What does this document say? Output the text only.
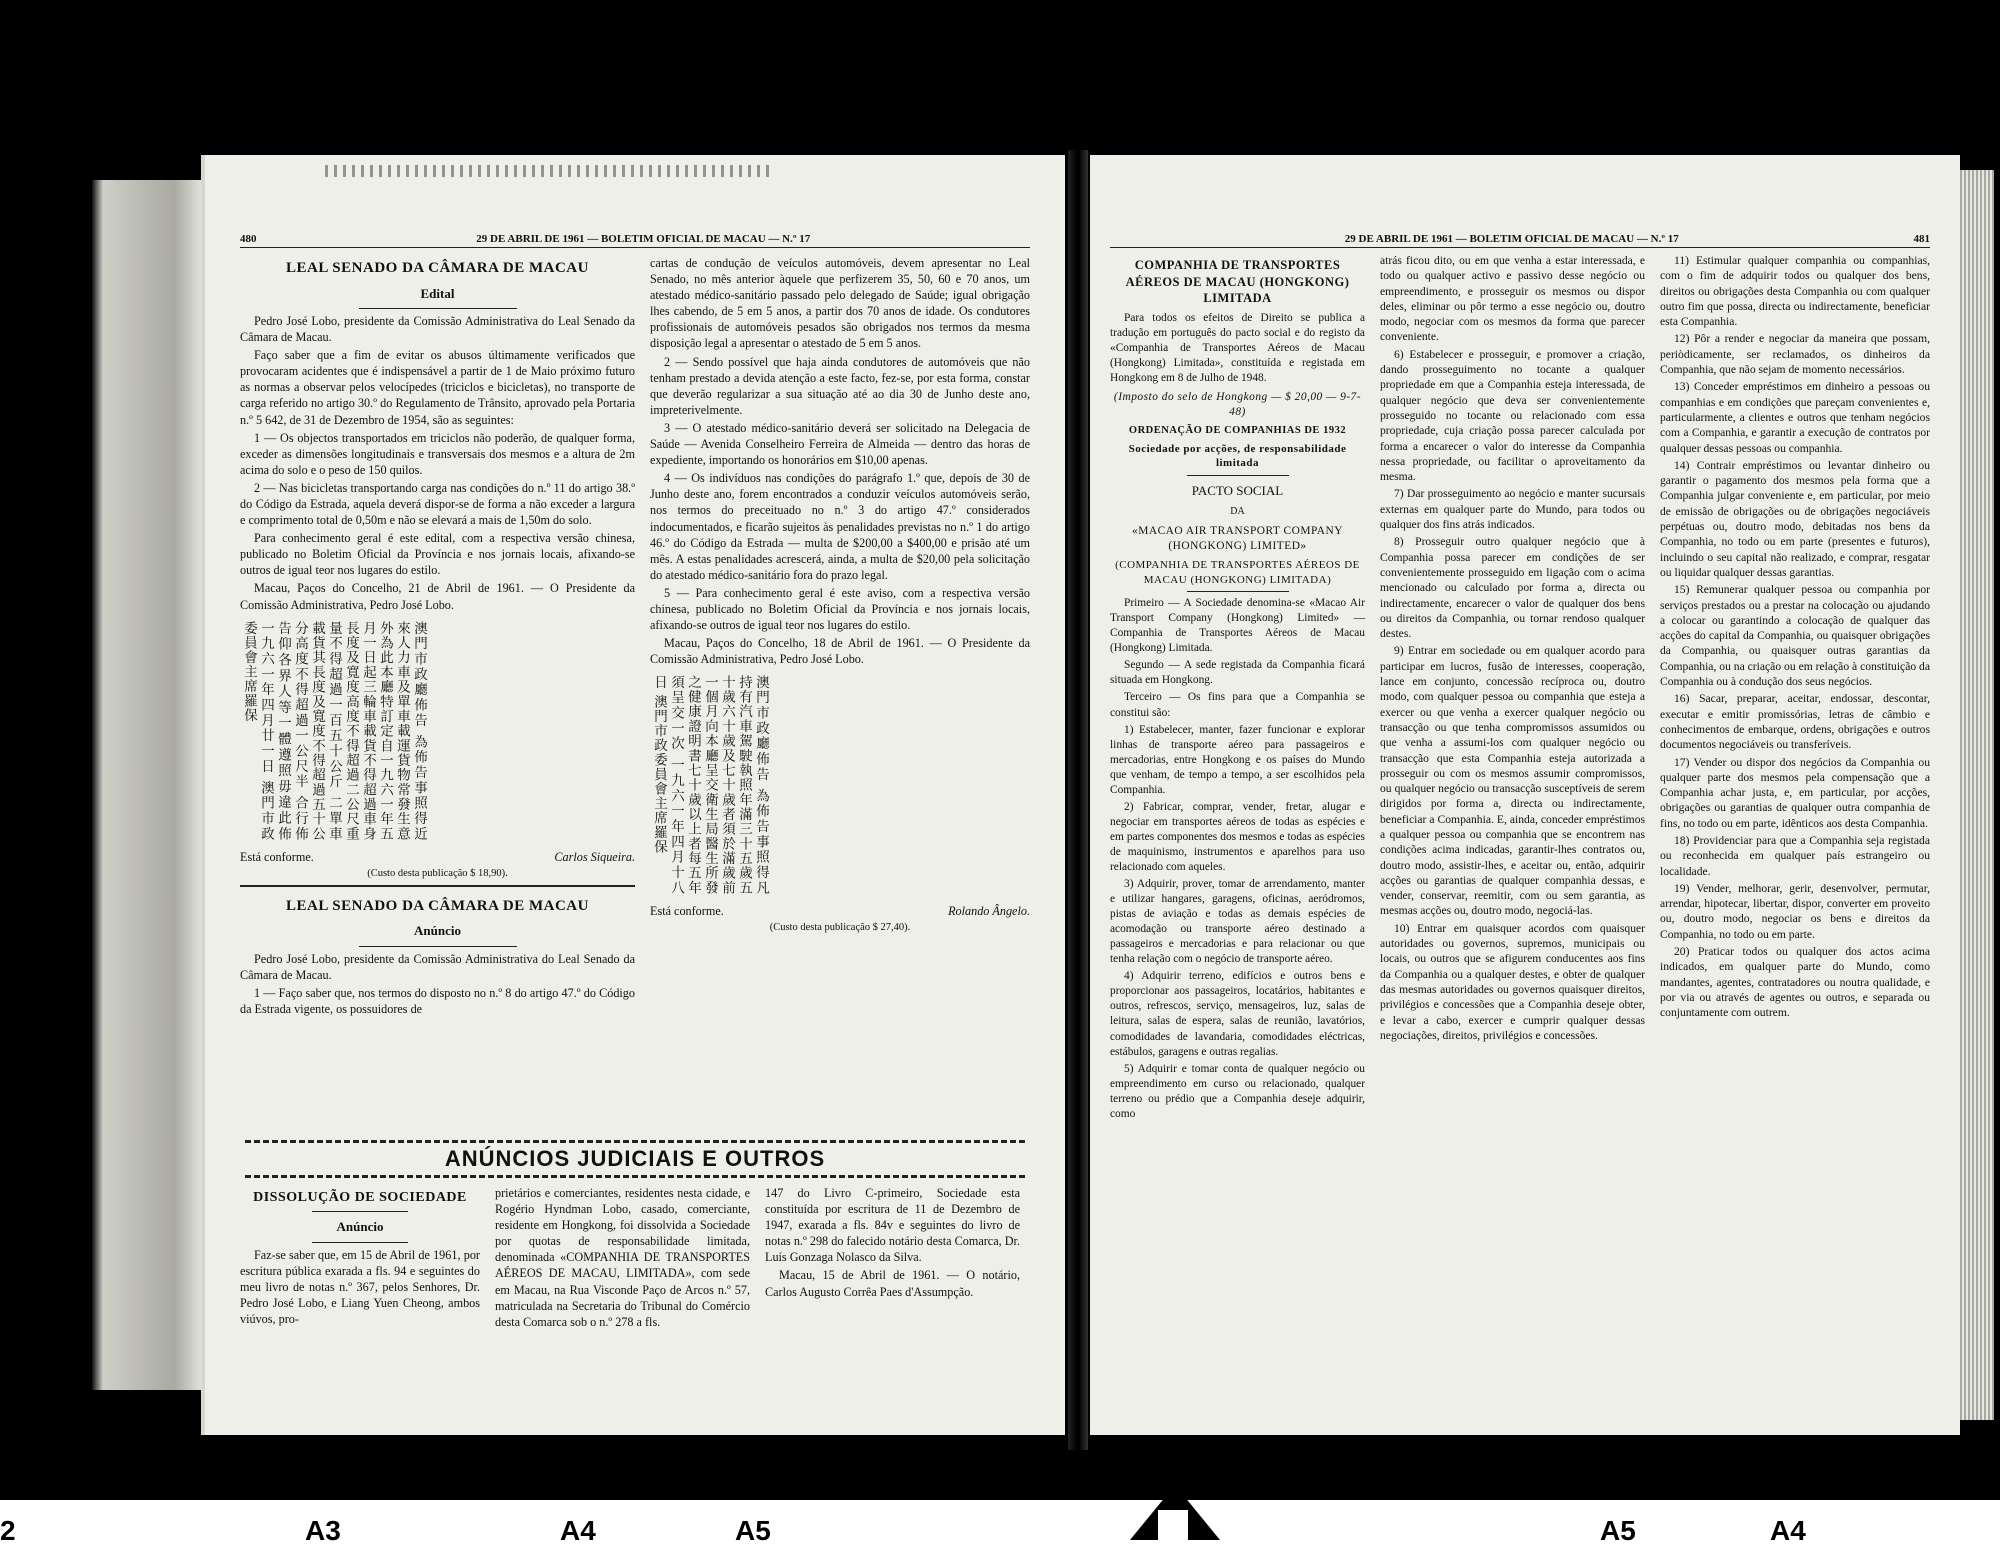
480	29 DE ABRIL DE 1961 — BOLETIM OFICIAL DE MACAU — N.º 17
LEAL SENADO DA CÂMARA DE MACAU
Edital

Pedro José Lobo, presidente da Comissão Administrativa do Leal Senado da Câmara de Macau.

Faço saber que a fim de evitar os abusos últimamente verificados que provocaram acidentes que é indispensável a partir de 1 de Maio próximo futuro as normas a observar pelos velocípedes (triciclos e bicicletas), no transporte de carga referido no artigo 30.º do Regulamento de Trânsito, aprovado pela Portaria n.º 5 642, de 31 de Dezembro de 1954, são as seguintes:

1 — Os objectos transportados em triciclos não poderão, de qualquer forma, exceder as dimensões longitudinais e transversais dos mesmos e a altura de 2m acima do solo e o peso de 150 quilos.

2 — Nas bicicletas transportando carga nas condições do n.º 11 do artigo 38.º do Código da Estrada, aquela deverá dispor-se de forma a não exceder a largura e comprimento total de 0,50m e não se elevará a mais de 1,50m do solo.

Para conhecimento geral é este edital, com a respectiva versão chinesa, publicado no Boletim Oficial da Província e nos jornais locais, afixando-se outros de igual teor nos lugares do estilo.

Macau, Paços do Concelho, 21 de Abril de 1961. — O Presidente da Comissão Administrativa, Pedro José Lobo.

澳門市政廳佈告 為佈告事照得近來人力車及單車載運貨物常發生意外為此本廳特訂定自一九六一年五月一日起三輪車載貨不得超過車身長度及寬度高度不得超過二公尺重量不得超過一百五十公斤 二單車載貨其長度及寬度不得超過五十公分高度不得超過一公尺半 合行佈告仰各界人等一體遵照毋違此佈 一九六一年四月廿一日 澳門市政委員會主席羅保
Está conforme.	Carlos Siqueira.
(Custo desta publicação $ 18,90).
LEAL SENADO DA CÂMARA DE MACAU
Anúncio

Pedro José Lobo, presidente da Comissão Administrativa do Leal Senado da Câmara de Macau.

1 — Faço saber que, nos termos do disposto no n.º 8 do artigo 47.º do Código da Estrada vigente, os possuidores de

cartas de condução de veículos automóveis, devem apresentar no Leal Senado, no mês anterior àquele que perfizerem 35, 50, 60 e 70 anos, um atestado médico-sanitário passado pelo delegado de Saúde; igual obrigação lhes cabendo, de 5 em 5 anos, a partir dos 70 anos de idade. Os condutores profissionais de automóveis pesados são obrigados nos termos da mesma disposição legal a apresentar o atestado de 5 em 5 anos.

2 — Sendo possível que haja ainda condutores de automóveis que não tenham prestado a devida atenção a este facto, fez-se, por esta forma, constar que deverão regularizar a sua situação até ao dia 30 de Junho deste ano, impreterivelmente.

3 — O atestado médico-sanitário deverá ser solicitado na Delegacia de Saúde — Avenida Conselheiro Ferreira de Almeida — dentro das horas de expediente, importando os honorários em $10,00 apenas.

4 — Os indivíduos nas condições do parágrafo 1.º que, depois de 30 de Junho deste ano, forem encontrados a conduzir veículos automóveis serão, nos termos do preceituado no n.º 3 do artigo 47.º considerados indocumentados, e ficarão sujeitos às penalidades previstas no n.º 1 do artigo 46.º do Código da Estrada — multa de $200,00 a $400,00 e prisão até um mês. A estas penalidades acrescerá, ainda, a multa de $20,00 pela solicitação do atestado médico-sanitário fora do prazo legal.

5 — Para conhecimento geral é este aviso, com a respectiva versão chinesa, publicado no Boletim Oficial da Província e nos jornais locais, afixando-se outros de igual teor nos lugares do estilo.

Macau, Paços do Concelho, 18 de Abril de 1961. — O Presidente da Comissão Administrativa, Pedro José Lobo.

澳門市政廳佈告 為佈告事照得凡持有汽車駕駛執照年滿三十五歲五十歲六十歲及七十歲者須於滿歲前一個月向本廳呈交衛生局醫生所發之健康證明書七十歲以上者每五年須呈交一次 一九六一年四月十八日 澳門市政委員會主席羅保
Está conforme.	Rolando Ângelo.
(Custo desta publicação $ 27,40).
ANÚNCIOS JUDICIAIS E OUTROS
DISSOLUÇÃO DE SOCIEDADE
Anúncio

Faz-se saber que, em 15 de Abril de 1961, por escritura pública exarada a fls. 94 e seguintes do meu livro de notas n.º 367, pelos Senhores, Dr. Pedro José Lobo, e Liang Yuen Cheong, ambos viúvos, pro-

prietários e comerciantes, residentes nesta cidade, e Rogério Hyndman Lobo, casado, comerciante, residente em Hongkong, foi dissolvida a Sociedade por quotas de responsabilidade limitada, denominada «COMPANHIA DE TRANSPORTES AÉREOS DE MACAU, LIMITADA», com sede em Macau, na Rua Visconde Paço de Arcos n.º 57, matriculada na Secretaria do Tribunal do Comércio desta Comarca sob o n.º 278 a fls.

147 do Livro C-primeiro, Sociedade esta constituída por escritura de 11 de Dezembro de 1947, exarada a fls. 84v e seguintes do livro de notas n.º 298 do falecido notário desta Comarca, Dr. Luís Gonzaga Nolasco da Silva.

Macau, 15 de Abril de 1961. — O notário, Carlos Augusto Corrêa Paes d'Assumpção.

29 DE ABRIL DE 1961 — BOLETIM OFICIAL DE MACAU — N.º 17	481
COMPANHIA DE TRANSPORTES AÉREOS DE MACAU (HONGKONG) LIMITADA

Para todos os efeitos de Direito se publica a tradução em português do pacto social e do registo da «Companhia de Transportes Aéreos de Macau (Hongkong) Limitada», constituída e registada em Hongkong em 8 de Julho de 1948.

(Imposto do selo de Hongkong — $ 20,00 — 9-7-48)
ORDENAÇÃO DE COMPANHIAS DE 1932
Sociedade por acções, de responsabilidade limitada
PACTO SOCIAL
DA
«MACAO AIR TRANSPORT COMPANY (HONGKONG) LIMITED»
(COMPANHIA DE TRANSPORTES AÉREOS DE MACAU (HONGKONG) LIMITADA)

Primeiro — A Sociedade denomina-se «Macao Air Transport Company (Hongkong) Limited» — Companhia de Transportes Aéreos de Macau (Hongkong) Limitada.

Segundo — A sede registada da Companhia ficará situada em Hongkong.

Terceiro — Os fins para que a Companhia se constitui são:

1) Estabelecer, manter, fazer funcionar e explorar linhas de transporte aéreo para passageiros e mercadorias, entre Hongkong e os países do Mundo que venham, de tempo a tempo, a ser escolhidos pela Companhia.

2) Fabricar, comprar, vender, fretar, alugar e negociar em transportes aéreos de todas as espécies e em partes componentes dos mesmos e todas as espécies de maquinismo, instrumentos e aparelhos para uso relacionado com aqueles.

3) Adquirir, prover, tomar de arrendamento, manter e utilizar hangares, garagens, oficinas, aeródromos, pistas de aviação e todas as demais espécies de acomodação ou transporte aéreo destinado a passageiros e mercadorias e para relacionar ou que tenha relação com o negócio de transporte aéreo.

4) Adquirir terreno, edifícios e outros bens e proporcionar aos passageiros, locatários, habitantes e outros, refrescos, serviço, mensageiros, luz, salas de leitura, salas de espera, salas de reunião, lavatórios, comodidades de lavandaria, comodidades eléctricas, estábulos, garagens e outras regalias.

5) Adquirir e tomar conta de qualquer negócio ou empreendimento em curso ou relacionado, qualquer terreno ou prédio que a Companhia deseje adquirir, como

atrás ficou dito, ou em que venha a estar interessada, e todo ou qualquer activo e passivo desse negócio ou empreendimento, e prosseguir os mesmos ou dispor deles, eliminar ou pôr termo a esse negócio ou, doutro modo, negociar com os mesmos da forma que parecer conveniente.

6) Estabelecer e prosseguir, e promover a criação, dando prosseguimento no tocante a qualquer propriedade em que a Companhia esteja interessada, de qualquer negócio que deva ser convenientemente prosseguido no tocante ou relacionado com essa propriedade, cuja criação possa parecer calculada por forma a encarecer o valor do interesse da Companhia nessa propriedade, ou facilitar o aproveitamento da mesma.

7) Dar prosseguimento ao negócio e manter sucursais externas em qualquer parte do Mundo, para todos ou qualquer dos fins atrás indicados.

8) Prosseguir outro qualquer negócio que à Companhia possa parecer em condições de ser convenientemente prosseguido em ligação com o acima mencionado ou calculado por forma a, directa ou indirectamente, encarecer o valor de qualquer dos bens ou direitos da Companhia, ou tornar rendoso qualquer destes.

9) Entrar em sociedade ou em qualquer acordo para participar em lucros, fusão de interesses, cooperação, lance em conjunto, concessão recíproca ou, doutro modo, com qualquer pessoa ou companhia que esteja a exercer ou que venha a exercer qualquer negócio ou transacção ou que tenha compromissos assumidos ou que venha a assumi-los com qualquer negócio ou transacção que esta Companhia esteja autorizada a prosseguir ou com os mesmos assumir compromissos, ou qualquer negócio ou transacção susceptíveis de serem dirigidos por forma a, directa ou indirectamente, beneficiar a Companhia. E, ainda, conceder empréstimos a qualquer pessoa ou companhia que se encontrem nas condições acima indicadas, garantir-lhes contratos ou, doutro modo, assistir-lhes, e aceitar ou, então, adquirir acções ou garantias de qualquer companhia dessas, e vender, conservar, reemitir, com ou sem garantia, as mesmas acções ou, doutro modo, negociá-las.

10) Entrar em quaisquer acordos com quaisquer autoridades ou governos, supremos, municipais ou locais, ou outros que se afigurem conducentes aos fins da Companhia ou a qualquer destes, e obter de qualquer das mesmas autoridades ou governos quaisquer direitos, privilégios e concessões que a Companhia deseje obter, e levar a cabo, exercer e cumprir qualquer dessas negociações, direitos, privilégios e concessões.

11) Estimular qualquer companhia ou companhias, com o fim de adquirir todos ou qualquer dos bens, direitos ou obrigações desta Companhia ou com qualquer outro fim que possa, directa ou indirectamente, beneficiar esta Companhia.

12) Pôr a render e negociar da maneira que possam, periòdicamente, ser reclamados, os dinheiros da Companhia, que não sejam de momento necessários.

13) Conceder empréstimos em dinheiro a pessoas ou companhias e em condições que pareçam convenientes e, particularmente, a clientes e outros que tenham negócios com a Companhia, e garantir a execução de contratos por qualquer dessas pessoas ou companhia.

14) Contrair empréstimos ou levantar dinheiro ou garantir o pagamento dos mesmos pela forma que a Companhia julgar conveniente e, em particular, por meio de emissão de obrigações ou de obrigações negociáveis perpétuas ou, doutro modo, debitadas nos bens da Companhia, no todo ou em parte (presentes e futuros), incluindo o seu capital não realizado, e comprar, resgatar ou liquidar qualquer dessas garantias.

15) Remunerar qualquer pessoa ou companhia por serviços prestados ou a prestar na colocação ou ajudando a colocar ou garantindo a colocação de qualquer das acções do capital da Companhia, ou quaisquer obrigações da Companhia, ou quaisquer outras garantias da Companhia, ou na criação ou em relação à constituição da Companhia ou à condução dos seus negócios.

16) Sacar, preparar, aceitar, endossar, descontar, executar e emitir promissórias, letras de câmbio e conhecimentos de embarque, ordens, obrigações e outros documentos negociáveis ou transferíveis.

17) Vender ou dispor dos negócios da Companhia ou qualquer parte dos mesmos pela compensação que a Companhia achar justa, e, em particular, por acções, obrigações ou garantias de qualquer outra companhia de fins, no todo ou em parte, idênticos aos desta Companhia.

18) Providenciar para que a Companhia seja registada ou reconhecida em qualquer país estrangeiro ou localidade.

19) Vender, melhorar, gerir, desenvolver, permutar, arrendar, hipotecar, libertar, dispor, converter em proveito ou, doutro modo, negociar os bens e direitos da Companhia, no todo ou em parte.

20) Praticar todos ou qualquer dos actos acima indicados, em qualquer parte do Mundo, como mandantes, agentes, contratadores ou noutra qualidade, e por via ou através de agentes ou outros, e separada ou conjuntamente com outrem.

2	A3	A4	A5	A5	A4
